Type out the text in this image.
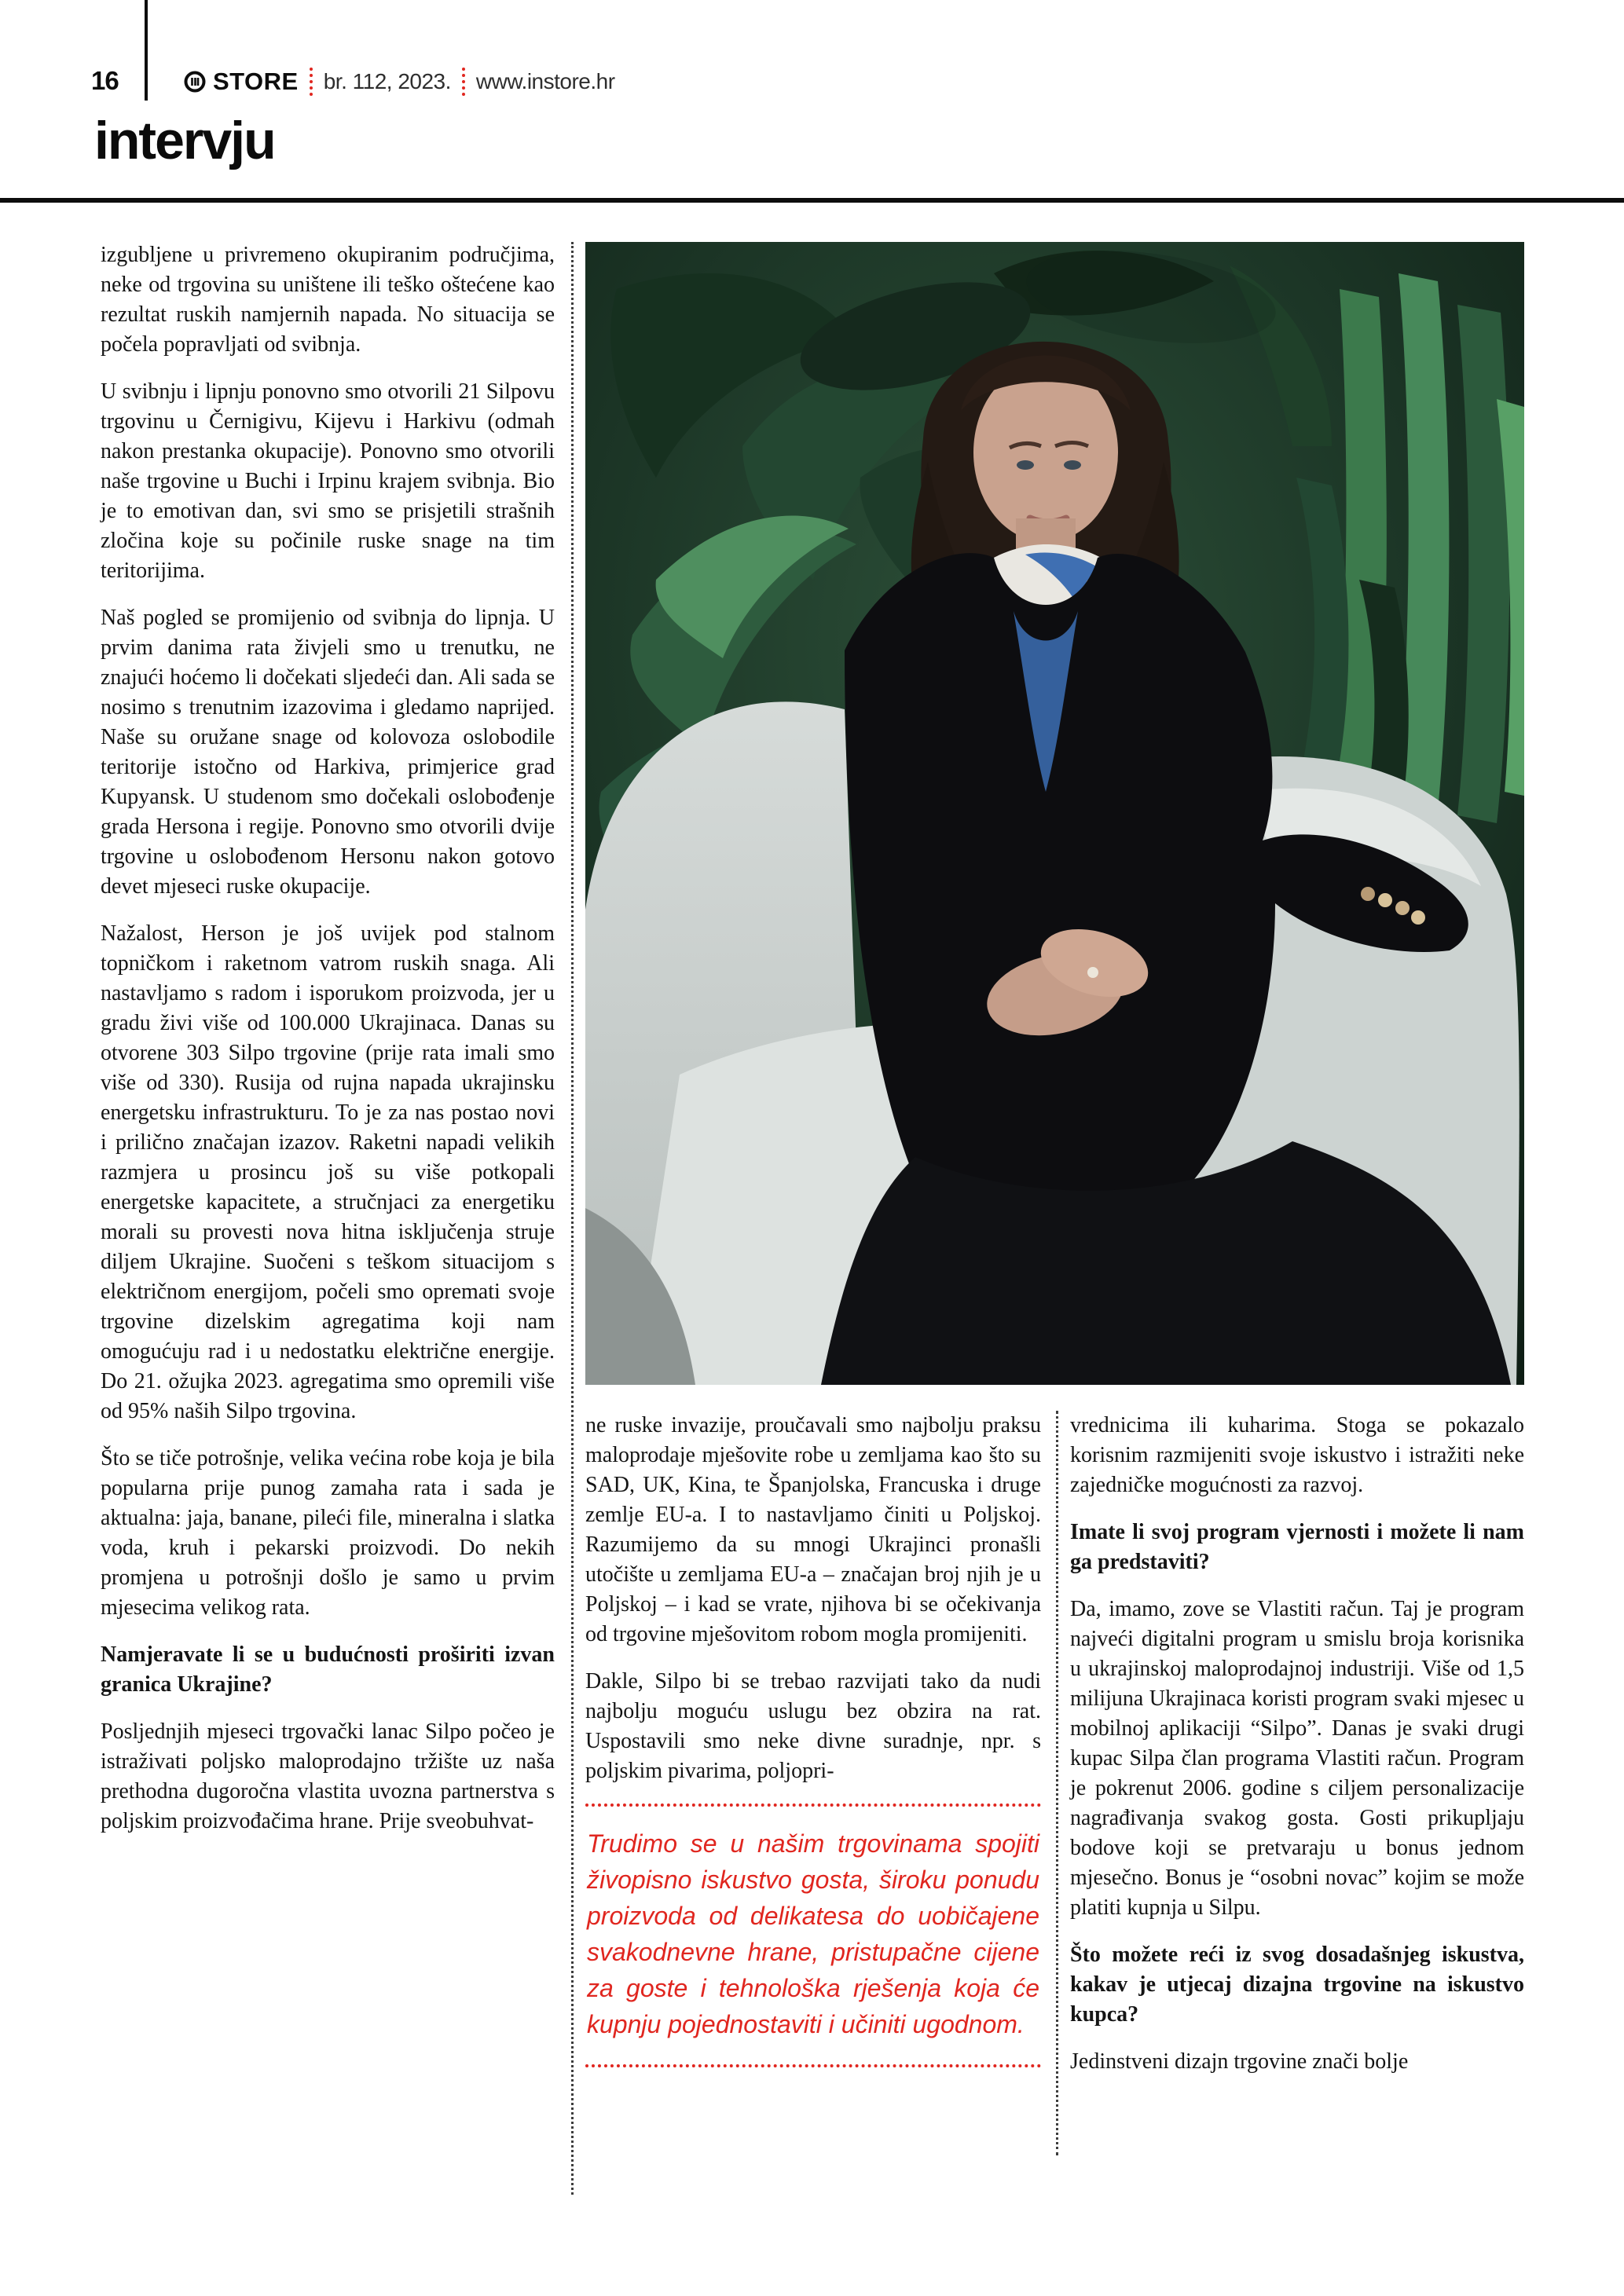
16	STORE br. 112, 2023. www.instore.hr
intervju

izgubljene u privremeno okupiranim područjima, neke od trgovina su uništene ili teško oštećene kao rezultat ruskih namjernih napada. No situacija se počela popravljati od svibnja.

U svibnju i lipnju ponovno smo otvorili 21 Silpovu trgovinu u Černigivu, Kijevu i Harkivu (odmah nakon prestanka okupacije). Ponovno smo otvorili naše trgovine u Buchi i Irpinu krajem svibnja. Bio je to emotivan dan, svi smo se prisjetili strašnih zločina koje su počinile ruske snage na tim teritorijima.

Naš pogled se promijenio od svibnja do lipnja. U prvim danima rata živjeli smo u trenutku, ne znajući hoćemo li dočekati sljedeći dan. Ali sada se nosimo s trenutnim izazovima i gledamo naprijed. Naše su oružane snage od kolovoza oslobodile teritorije istočno od Harkiva, primjerice grad Kupyansk. U studenom smo dočekali oslobođenje grada Hersona i regije. Ponovno smo otvorili dvije trgovine u oslobođenom Hersonu nakon gotovo devet mjeseci ruske okupacije.

Nažalost, Herson je još uvijek pod stalnom topničkom i raketnom vatrom ruskih snaga. Ali nastavljamo s radom i isporukom proizvoda, jer u gradu živi više od 100.000 Ukrajinaca. Danas su otvorene 303 Silpo trgovine (prije rata imali smo više od 330). Rusija od rujna napada ukrajinsku energetsku infrastrukturu. To je za nas postao novi i prilično značajan izazov. Raketni napadi velikih razmjera u prosincu još su više potkopali energetske kapacitete, a stručnjaci za energetiku morali su provesti nova hitna isključenja struje diljem Ukrajine. Suočeni s teškom situacijom s električnom energijom, počeli smo opremati svoje trgovine dizelskim agregatima koji nam omogućuju rad i u nedostatku električne energije. Do 21. ožujka 2023. agregatima smo opremili više od 95% naših Silpo trgovina.

Što se tiče potrošnje, velika većina robe koja je bila popularna prije punog zamaha rata i sada je aktualna: jaja, banane, pileći file, mineralna i slatka voda, kruh i pekarski proizvodi. Do nekih promjena u potrošnji došlo je samo u prvim mjesecima velikog rata.

Namjeravate li se u budućnosti proširiti izvan granica Ukrajine?

Posljednjih mjeseci trgovački lanac Silpo počeo je istraživati poljsko maloprodajno tržište uz naša prethodna dugoročna vlastita uvozna partnerstva s poljskim proizvođačima hrane. Prije sveobuhvat-

ne ruske invazije, proučavali smo najbolju praksu maloprodaje mješovite robe u zemljama kao što su SAD, UK, Kina, te Španjolska, Francuska i druge zemlje EU-a. I to nastavljamo činiti u Poljskoj. Razumijemo da su mnogi Ukrajinci pronašli utočište u zemljama EU-a – značajan broj njih je u Poljskoj – i kad se vrate, njihova bi se očekivanja od trgovine mješovitom robom mogla promijeniti.

Dakle, Silpo bi se trebao razvijati tako da nudi najbolju moguću uslugu bez obzira na rat. Uspostavili smo neke divne suradnje, npr. s poljskim pivarima, poljopri-

Trudimo se u našim trgovinama spojiti živopisno iskustvo gosta, široku ponudu proizvoda od delikatesa do uobičajene svakodnevne hrane, pristupačne cijene za goste i tehnološka rješenja koja će kupnju pojednostaviti i učiniti ugodnom.

vrednicima ili kuharima. Stoga se pokazalo korisnim razmijeniti svoje iskustvo i istražiti neke zajedničke mogućnosti za razvoj.

Imate li svoj program vjernosti i možete li nam ga predstaviti?

Da, imamo, zove se Vlastiti račun. Taj je program najveći digitalni program u smislu broja korisnika u ukrajinskoj maloprodajnoj industriji. Više od 1,5 milijuna Ukrajinaca koristi program svaki mjesec u mobilnoj aplikaciji “Silpo”. Danas je svaki drugi kupac Silpa član programa Vlastiti račun. Program je pokrenut 2006. godine s ciljem personalizacije nagrađivanja svakog gosta. Gosti prikupljaju bodove koji se pretvaraju u bonus jednom mjesečno. Bonus je “osobni novac” kojim se može platiti kupnja u Silpu.

Što možete reći iz svog dosadašnjeg iskustva, kakav je utjecaj dizajna trgovine na iskustvo kupca?

Jedinstveni dizajn trgovine znači bolje
